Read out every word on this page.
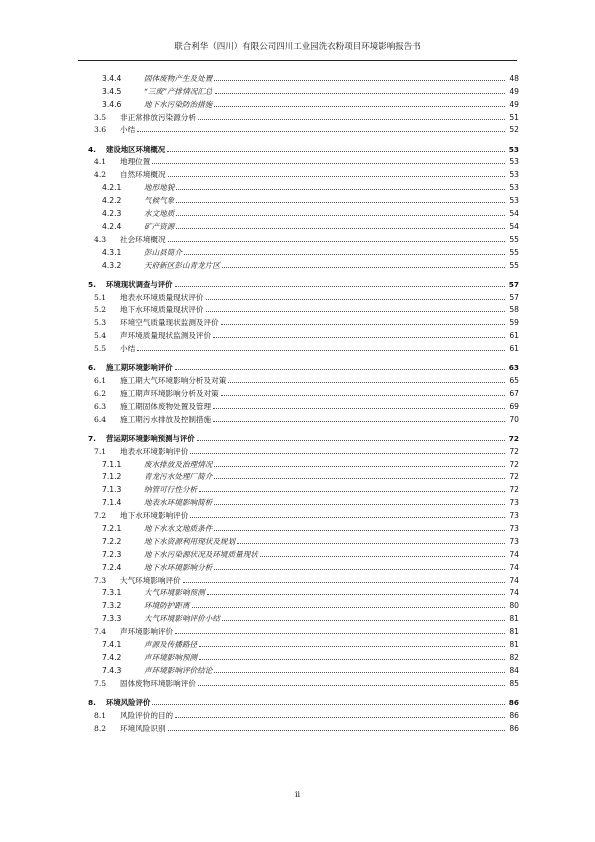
联合利华（四川）有限公司四川工业园洗衣粉项目环境影响报告书
3.4.4	固体废物产生及处置	48
3.4.5	“三废”产排情况汇总	49
3.4.6	地下水污染防治措施	49
3.5	非正常排放污染源分析	51
3.6	小结	52
4.	建设地区环境概况	53
4.1	地理位置	53
4.2	自然环境概况	53
4.2.1	地形地貌	53
4.2.2	气候气象	53
4.2.3	水文地质	54
4.2.4	矿产资源	54
4.3	社会环境概况	55
4.3.1	彭山县简介	55
4.3.2	天府新区彭山青龙片区	55
5.	环境现状调查与评价	57
5.1	地表水环境质量现状评价	57
5.2	地下水环境质量现状评价	58
5.3	环境空气质量现状监测及评价	59
5.4	声环境质量现状监测及评价	61
5.5	小结	61
6.	施工期环境影响评价	63
6.1	施工期大气环境影响分析及对策	65
6.2	施工期声环境影响分析及对策	67
6.3	施工期固体废物处置及管理	69
6.4	施工期污水排放及控制措施	70
7.	营运期环境影响预测与评价	72
7.1	地表水环境影响评价	72
7.1.1	废水排放及治理情况	72
7.1.2	青龙污水处理厂简介	72
7.1.3	纳管可行性分析	72
7.1.4	地表水环境影响简析	73
7.2	地下水环境影响评价	73
7.2.1	地下水水文地质条件	73
7.2.2	地下水资源利用现状及规划	73
7.2.3	地下水污染源状况及环境质量现状	74
7.2.4	地下水环境影响分析	74
7.3	大气环境影响评价	74
7.3.1	大气环境影响预测	74
7.3.2	环境防护距离	80
7.3.3	大气环境影响评价小结	81
7.4	声环境影响评价	81
7.4.1	声源及传播路径	81
7.4.2	声环境影响预测	82
7.4.3	声环境影响评价结论	84
7.5	固体废物环境影响评价	85
8.	环境风险评价	86
8.1	风险评价的目的	86
8.2	环境风险识别	86
ii
